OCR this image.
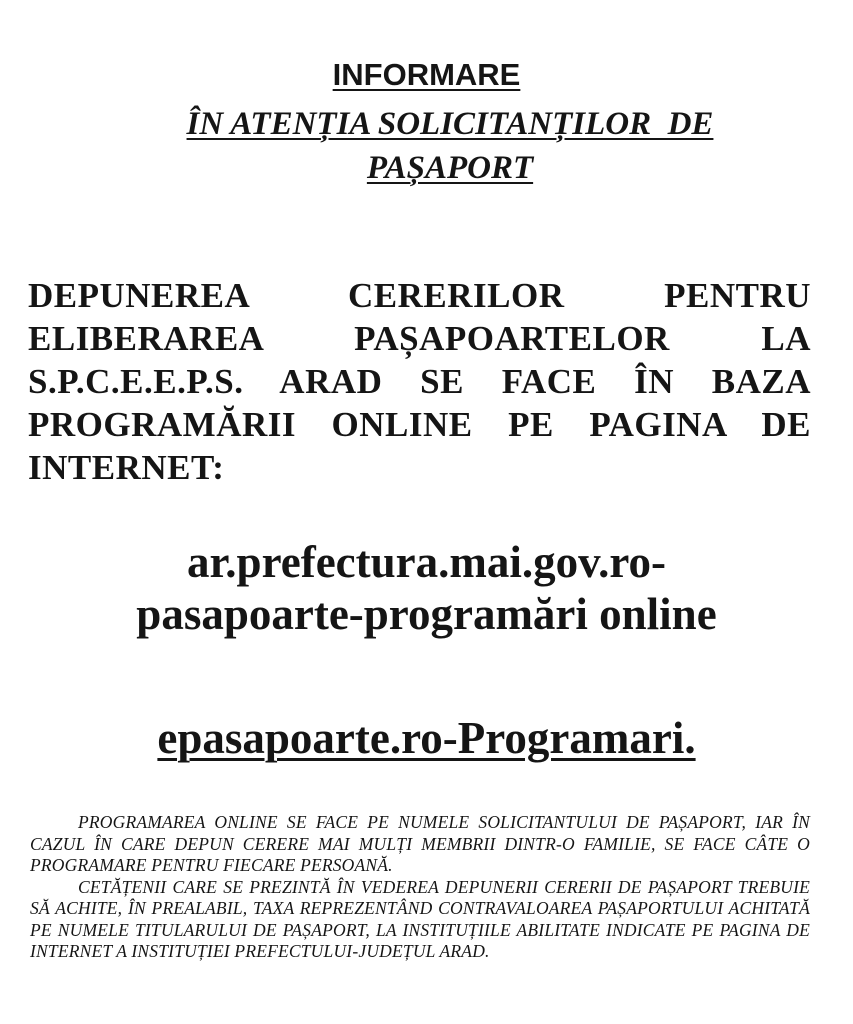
INFORMARE
ÎN ATENȚIA SOLICITANȚILOR  DE
PAȘAPORT
DEPUNEREA CERERILOR PENTRU ELIBERAREA PAȘAPOARTELOR LA S.P.C.E.E.P.S. ARAD SE FACE ÎN BAZA PROGRAMĂRII ONLINE PE PAGINA DE INTERNET:
ar.prefectura.mai.gov.ro-
pasapoarte-programări online
epasapoarte.ro-Programari.

PROGRAMAREA ONLINE SE FACE PE NUMELE SOLICITANTULUI DE PAȘAPORT, IAR ÎN CAZUL ÎN CARE DEPUN CERERE MAI MULȚI MEMBRII DINTR-O FAMILIE, SE FACE CÂTE O PROGRAMARE PENTRU FIECARE PERSOANĂ.

CETĂȚENII CARE SE PREZINTĂ ÎN VEDEREA DEPUNERII CERERII DE PAȘAPORT TREBUIE SĂ ACHITE, ÎN PREALABIL, TAXA REPREZENTÂND CONTRAVALOAREA PAȘAPORTULUI ACHITATĂ PE NUMELE TITULARULUI DE PAȘAPORT, LA INSTITUȚIILE ABILITATE INDICATE PE PAGINA DE INTERNET A INSTITUȚIEI PREFECTULUI-JUDEȚUL ARAD.
